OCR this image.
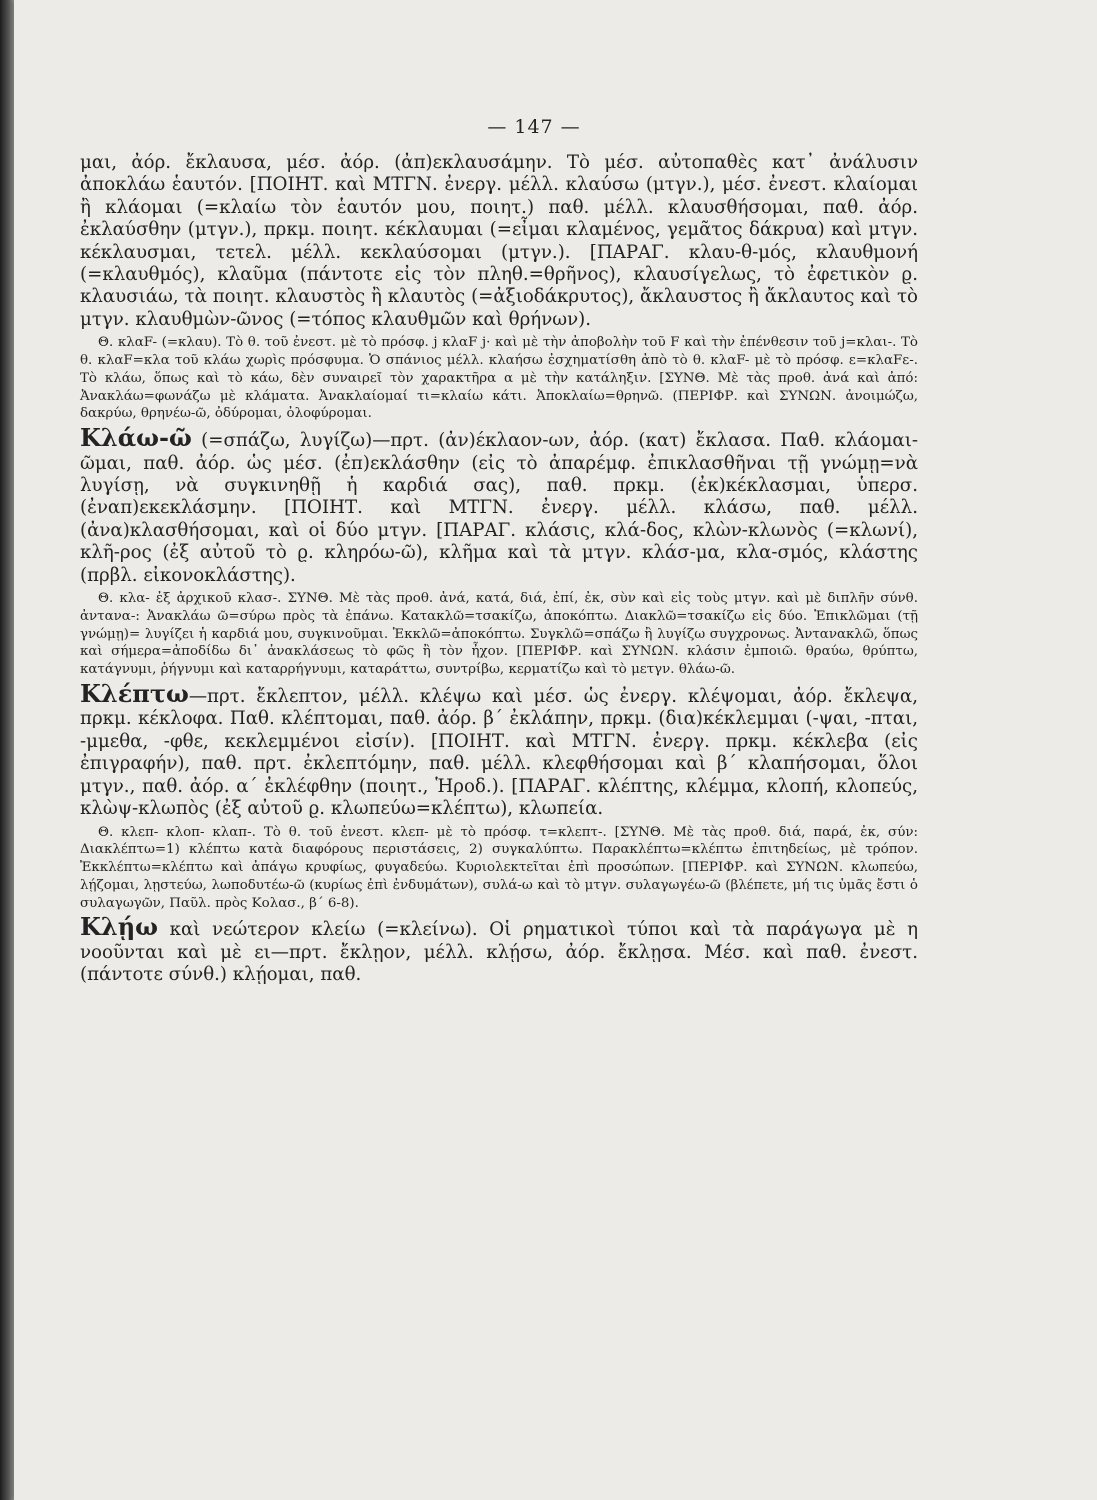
— 147 —

μαι, ἀόρ. ἔκλαυσα, μέσ. ἀόρ. (ἀπ)εκλαυσάμην. Τὸ μέσ. αὐτοπαθὲς κατ᾿ ἀνάλυσιν ἀποκλάω ἑαυτόν. [ΠΟΙΗΤ. καὶ ΜΤΓΝ. ἐνεργ. μέλλ. κλαύσω (μτγν.), μέσ. ἐνεστ. κλαίομαι ἢ κλάομαι (=κλαίω τὸν ἑαυτόν μου, ποιητ.) παθ. μέλλ. κλαυσθήσομαι, παθ. ἀόρ. ἐκλαύσθην (μτγν.), πρκμ. ποιητ. κέκλαυμαι (=εἶμαι κλαμένος, γεμᾶτος δάκρυα) καὶ μτγν. κέκλαυσμαι, τετελ. μέλλ. κεκλαύσομαι (μτγν.). [ΠΑΡΑΓ. κλαυ-θ-μός, κλαυθμονή (=κλαυθμός), κλαῦμα (πάντοτε εἰς τὸν πληθ.=θρῆνος), κλαυσίγελως, τὸ ἐφετικὸν ϱ. κλαυσιάω, τὰ ποιητ. κλαυστὸς ἢ κλαυτὸς (=ἀξιοδάκρυτος), ἄκλαυστος ἢ ἄκλαυτος καὶ τὸ μτγν. κλαυθμὼν-ῶνος (=τόπος κλαυθμῶν καὶ θρήνων).

Θ. κλαF- (=κλαυ). Τὸ θ. τοῦ ἐνεστ. μὲ τὸ πρόσφ. j κλαF j· καὶ μὲ τὴν ἀποβολὴν τοῦ F καὶ τὴν ἐπένθεσιν τοῦ j=κλαι-. Τὸ θ. κλαF=κλα τοῦ κλάω χωρὶς πρόσφυμα. Ὁ σπάνιος μέλλ. κλαήσω ἐσχηματίσθη ἀπὸ τὸ θ. κλαF- μὲ τὸ πρόσφ. ε=κλαFε-. Τὸ κλάω, ὅπως καὶ τὸ κάω, δὲν συναιρεῖ τὸν χαρακτῆρα α μὲ τὴν κατάληξιν. [ΣΥΝΘ. Μὲ τὰς προθ. ἀνά καὶ ἀπό: Ἀνακλάω=φωνάζω μὲ κλάματα. Ἀνακλαίομαί τι=κλαίω κάτι. Ἀποκλαίω=θρηνῶ. (ΠΕΡΙΦΡ. καὶ ΣΥΝΩΝ. ἀνοιμώζω, δακρύω, θρηνέω-ῶ, ὀδύρομαι, ὀλοφύρομαι.

Κλάω-ῶ (=σπάζω, λυγίζω)—πρτ. (ἀν)έκλαον-ων, ἀόρ. (κατ) ἔκλασα. Παθ. κλάομαι-ῶμαι, παθ. ἀόρ. ὡς μέσ. (ἐπ)εκλάσθην (εἰς τὸ ἀπαρέμφ. ἐπικλασθῆναι τῇ γνώμῃ=νὰ λυγίσῃ, νὰ συγκινηθῇ ἡ καρδιά σας), παθ. πρκμ. (ἐκ)κέκλασμαι, ὑπερσ. (ἐναπ)εκεκλάσμην. [ΠΟΙΗΤ. καὶ ΜΤΓΝ. ἐνεργ. μέλλ. κλάσω, παθ. μέλλ. (ἀνα)κλασθήσομαι, καὶ οἱ δύο μτγν. [ΠΑΡΑΓ. κλάσις, κλά-δος, κλὼν-κλωνὸς (=κλωνί), κλῆ-ρος (ἐξ αὐτοῦ τὸ ϱ. κληρόω-ῶ), κλῆμα καὶ τὰ μτγν. κλάσ-μα, κλα-σμός, κλάστης (πρβλ. εἰκονοκλάστης).

Θ. κλα- ἐξ ἀρχικοῦ κλασ-. ΣΥΝΘ. Μὲ τὰς προθ. ἀνά, κατά, διά, ἐπί, ἐκ, σὺν καὶ εἰς τοὺς μτγν. καὶ μὲ διπλῆν σύνθ. ἀντανα-: Ἀνακλάω ῶ=σύρω πρὸς τὰ ἐπάνω. Κατακλῶ=τσακίζω, ἀποκόπτω. Διακλῶ=τσακίζω εἰς δύο. Ἐπικλῶμαι (τῇ γνώμῃ)= λυγίζει ἡ καρδιά μου, συγκινοῦμαι. Ἐκκλῶ=ἀποκόπτω. Συγκλῶ=σπάζω ἢ λυγίζω συγχρονως. Ἀντανακλῶ, ὅπως καὶ σήμερα=ἀποδίδω δι᾿ ἀνακλάσεως τὸ φῶς ἢ τὸν ἦχον. [ΠΕΡΙΦΡ. καὶ ΣΥΝΩΝ. κλάσιν ἐμποιῶ. θραύω, θρύπτω, κατάγνυμι, ῥήγνυμι καὶ καταρρήγνυμι, καταράττω, συντρίβω, κερματίζω καὶ τὸ μετγν. θλάω-ῶ.

Κλέπτω—πρτ. ἔκλεπτον, μέλλ. κλέψω καὶ μέσ. ὡς ἐνεργ. κλέψομαι, ἀόρ. ἔκλεψα, πρκμ. κέκλοφα. Παθ. κλέπτομαι, παθ. ἀόρ. β΄ ἐκλάπην, πρκμ. (δια)κέκλεμμαι (-ψαι, -πται, -μμεθα, -φθε, κεκλεμμένοι εἰσίν). [ΠΟΙΗΤ. καὶ ΜΤΓΝ. ἐνεργ. πρκμ. κέκλεβα (εἰς ἐπιγραφήν), παθ. πρτ. ἐκλεπτόμην, παθ. μέλλ. κλεφθήσομαι καὶ β΄ κλαπήσομαι, ὅλοι μτγν., παθ. ἀόρ. α΄ ἐκλέφθην (ποιητ., Ἡροδ.). [ΠΑΡΑΓ. κλέπτης, κλέμμα, κλοπή, κλοπεύς, κλὼψ-κλωπὸς (ἐξ αὐτοῦ ϱ. κλωπεύω=κλέπτω), κλωπεία.

Θ. κλεπ- κλοπ- κλαπ-. Τὸ θ. τοῦ ἐνεστ. κλεπ- μὲ τὸ πρόσφ. τ=κλεπτ-. [ΣΥΝΘ. Μὲ τὰς προθ. διά, παρά, ἐκ, σύν: Διακλέπτω=1) κλέπτω κατὰ διαφόρους περιστάσεις, 2) συγκαλύπτω. Παρακλέπτω=κλέπτω ἐπιτηδείως, μὲ τρόπον. Ἐκκλέπτω=κλέπτω καὶ ἀπάγω κρυφίως, φυγαδεύω. Κυριολεκτεῖται ἐπὶ προσώπων. [ΠΕΡΙΦΡ. καὶ ΣΥΝΩΝ. κλωπεύω, λῄζομαι, λῃστεύω, λωποδυτέω-ῶ (κυρίως ἐπὶ ἐνδυμάτων), συλά-ω καὶ τὸ μτγν. συλαγωγέω-ῶ (βλέπετε, μή τις ὑμᾶς ἔστι ὁ συλαγωγῶν, Παῦλ. πρὸς Κολασ., β΄ 6-8).

Κλῄω καὶ νεώτερον κλείω (=κλείνω). Οἱ ρηματικοὶ τύποι καὶ τὰ παράγωγα μὲ η νοοῦνται καὶ μὲ ει—πρτ. ἔκλῃον, μέλλ. κλῄσω, ἀόρ. ἔκλῃσα. Μέσ. καὶ παθ. ἐνεστ. (πάντοτε σύνθ.) κλῄομαι, παθ.
